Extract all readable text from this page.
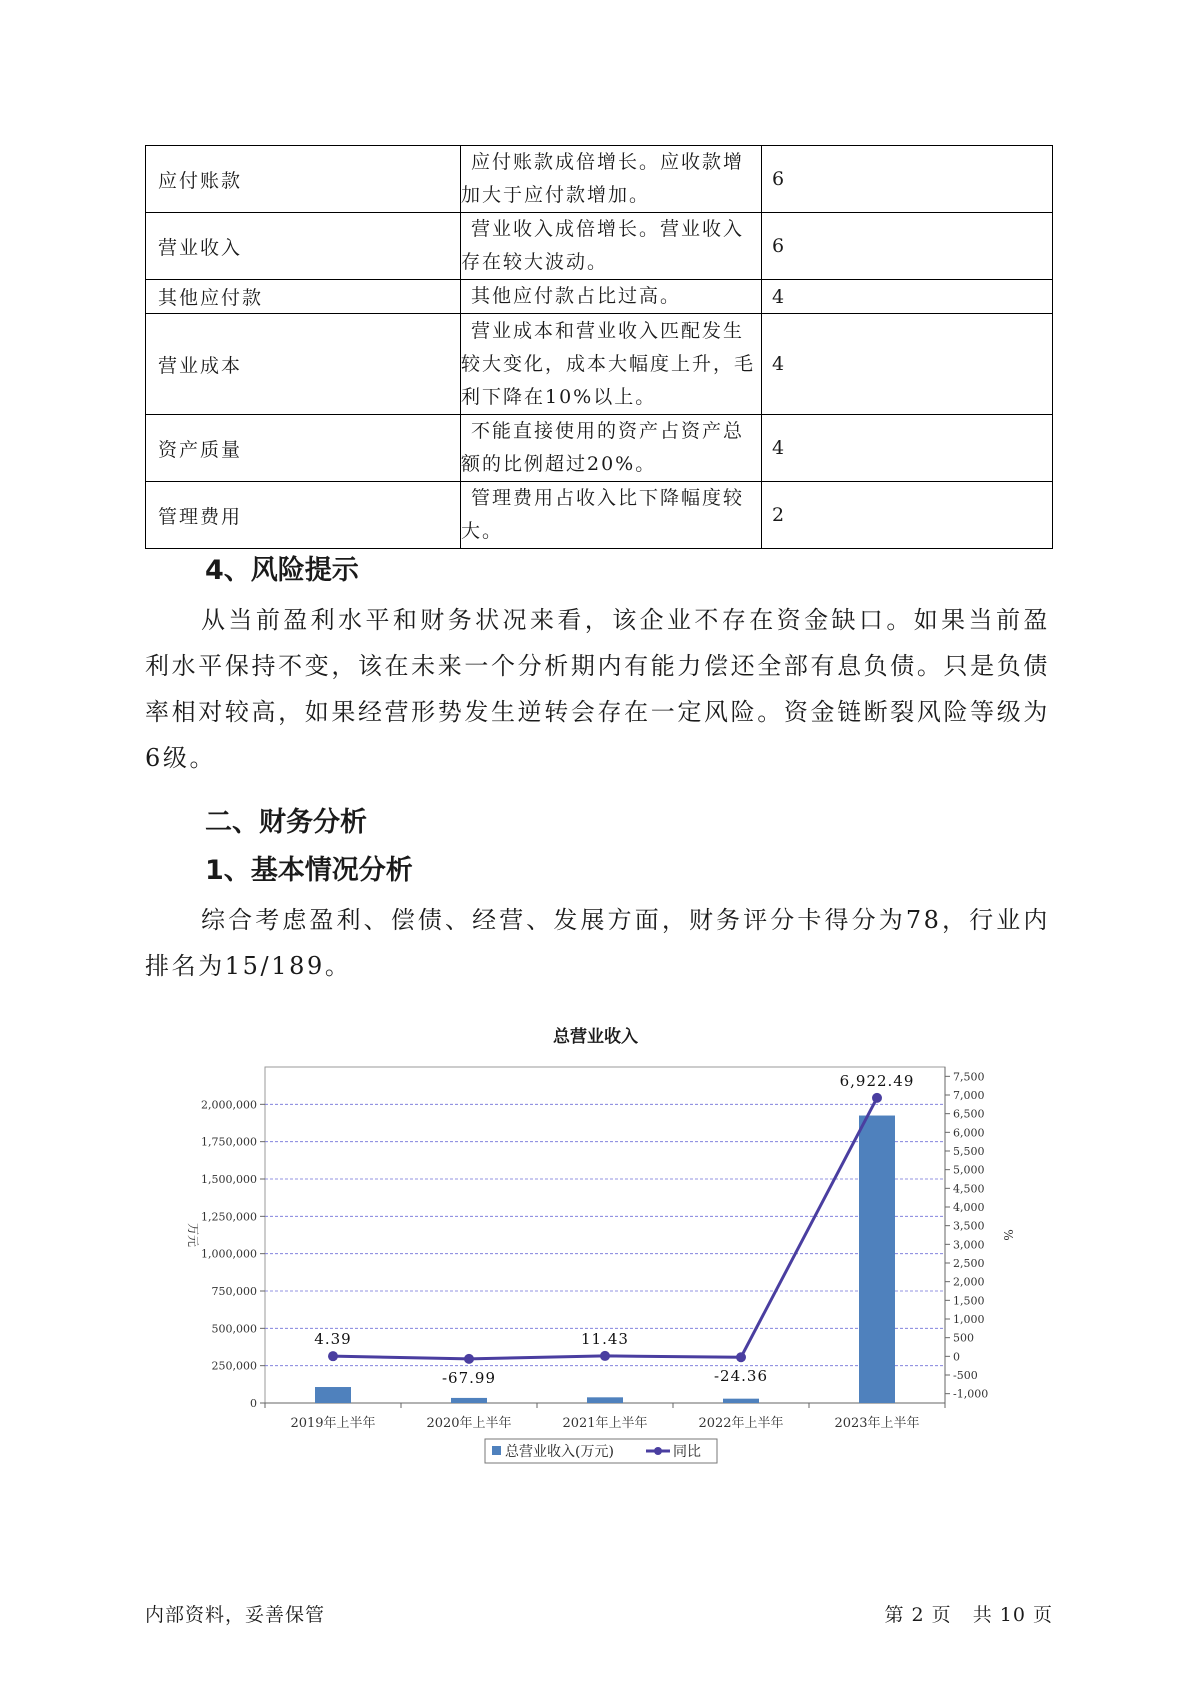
应付账款	应付账款成倍增长。应收款增加大于应付款增加。	6
营业收入	营业收入成倍增长。营业收入存在较大波动。	6
其他应付款	其他应付款占比过高。	4
营业成本	营业成本和营业收入匹配发生较大变化，成本大幅度上升，毛利下降在10%以上。	4
资产质量	不能直接使用的资产占资产总额的比例超过20%。	4
管理费用	管理费用占收入比下降幅度较大。	2
4、风险提示

从当前盈利水平和财务状况来看，该企业不存在资金缺口。如果当前盈利水平保持不变，该在未来一个分析期内有能力偿还全部有息负债。只是负债率相对较高，如果经营形势发生逆转会存在一定风险。资金链断裂风险等级为6级。

二、财务分析
1、基本情况分析

综合考虑盈利、偿债、经营、发展方面，财务评分卡得分为78，行业内排名为15/189。

总营业收入
0
250,000
500,000
750,000
1,000,000
1,250,000
1,500,000
1,750,000
2,000,000
-1,000
-500
0
500
1,000
1,500
2,000
2,500
3,000
3,500
4,000
4,500
5,000
5,500
6,000
6,500
7,000
7,500
万元	%
2019年上半年	2020年上半年	2021年上半年	2022年上半年	2023年上半年
4.39
-67.99
11.43
-24.36
6,922.49
总营业收入(万元)	同比
内部资料，妥善保管	第 2 页   共 10 页
